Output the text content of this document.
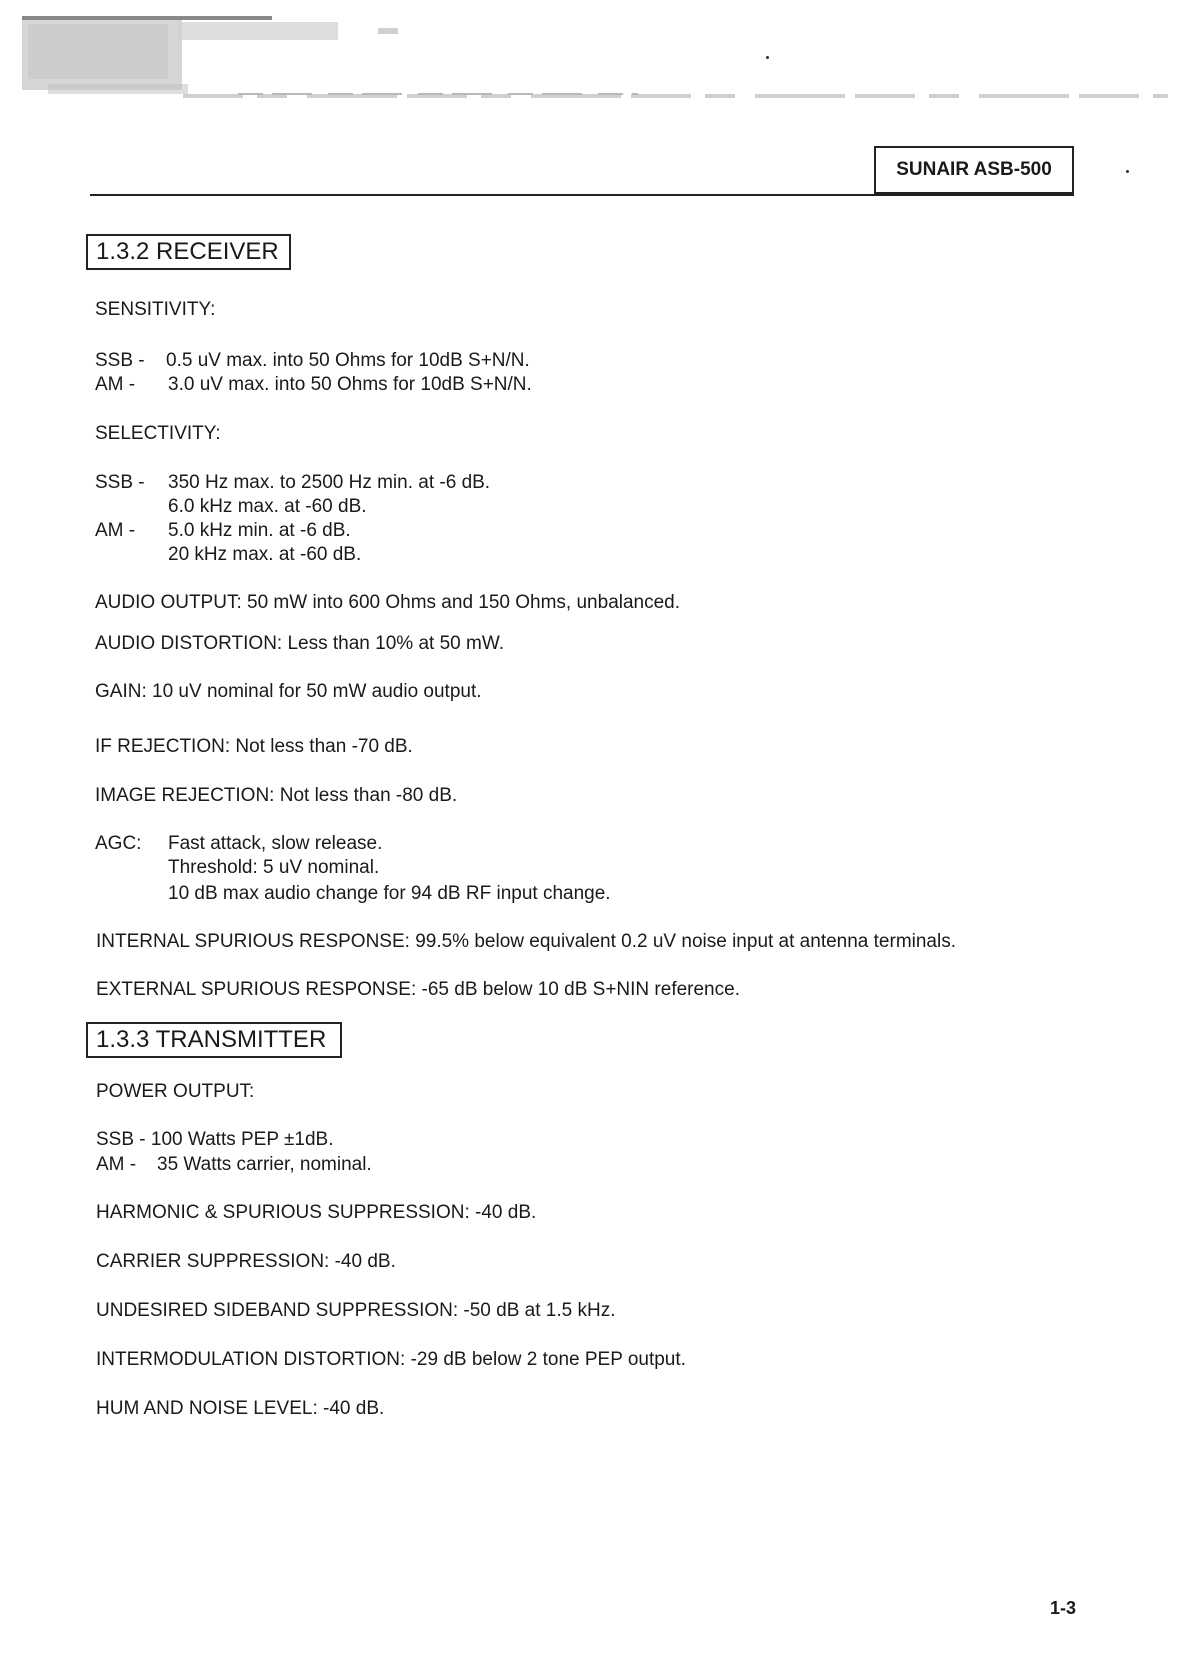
SUNAIR ASB-500
1.3.2 RECEIVER
SENSITIVITY:
SSB - 0.5 uV max. into 50 Ohms for 10dB S+N/N.
AM - 3.0 uV max. into 50 Ohms for 10dB S+N/N.
SELECTIVITY:
SSB - 350 Hz max. to 2500 Hz min. at -6 dB.
6.0 kHz max. at -60 dB.
AM - 5.0 kHz min. at -6 dB.
20 kHz max. at -60 dB.
AUDIO OUTPUT: 50 mW into 600 Ohms and 150 Ohms, unbalanced.
AUDIO DISTORTION: Less than 10% at 50 mW.
GAIN: 10 uV nominal for 50 mW audio output.
IF REJECTION: Not less than -70 dB.
IMAGE REJECTION: Not less than -80 dB.
AGC: Fast attack, slow release.
Threshold: 5 uV nominal.
10 dB max audio change for 94 dB RF input change.
INTERNAL SPURIOUS RESPONSE: 99.5% below equivalent 0.2 uV noise input at antenna terminals.
EXTERNAL SPURIOUS RESPONSE: -65 dB below 10 dB S+NIN reference.
1.3.3 TRANSMITTER
POWER OUTPUT:
SSB - 100 Watts PEP ±1dB.
AM - 35 Watts carrier, nominal.
HARMONIC & SPURIOUS SUPPRESSION: -40 dB.
CARRIER SUPPRESSION: -40 dB.
UNDESIRED SIDEBAND SUPPRESSION: -50 dB at 1.5 kHz.
INTERMODULATION DISTORTION: -29 dB below 2 tone PEP output.
HUM AND NOISE LEVEL: -40 dB.
1-3
